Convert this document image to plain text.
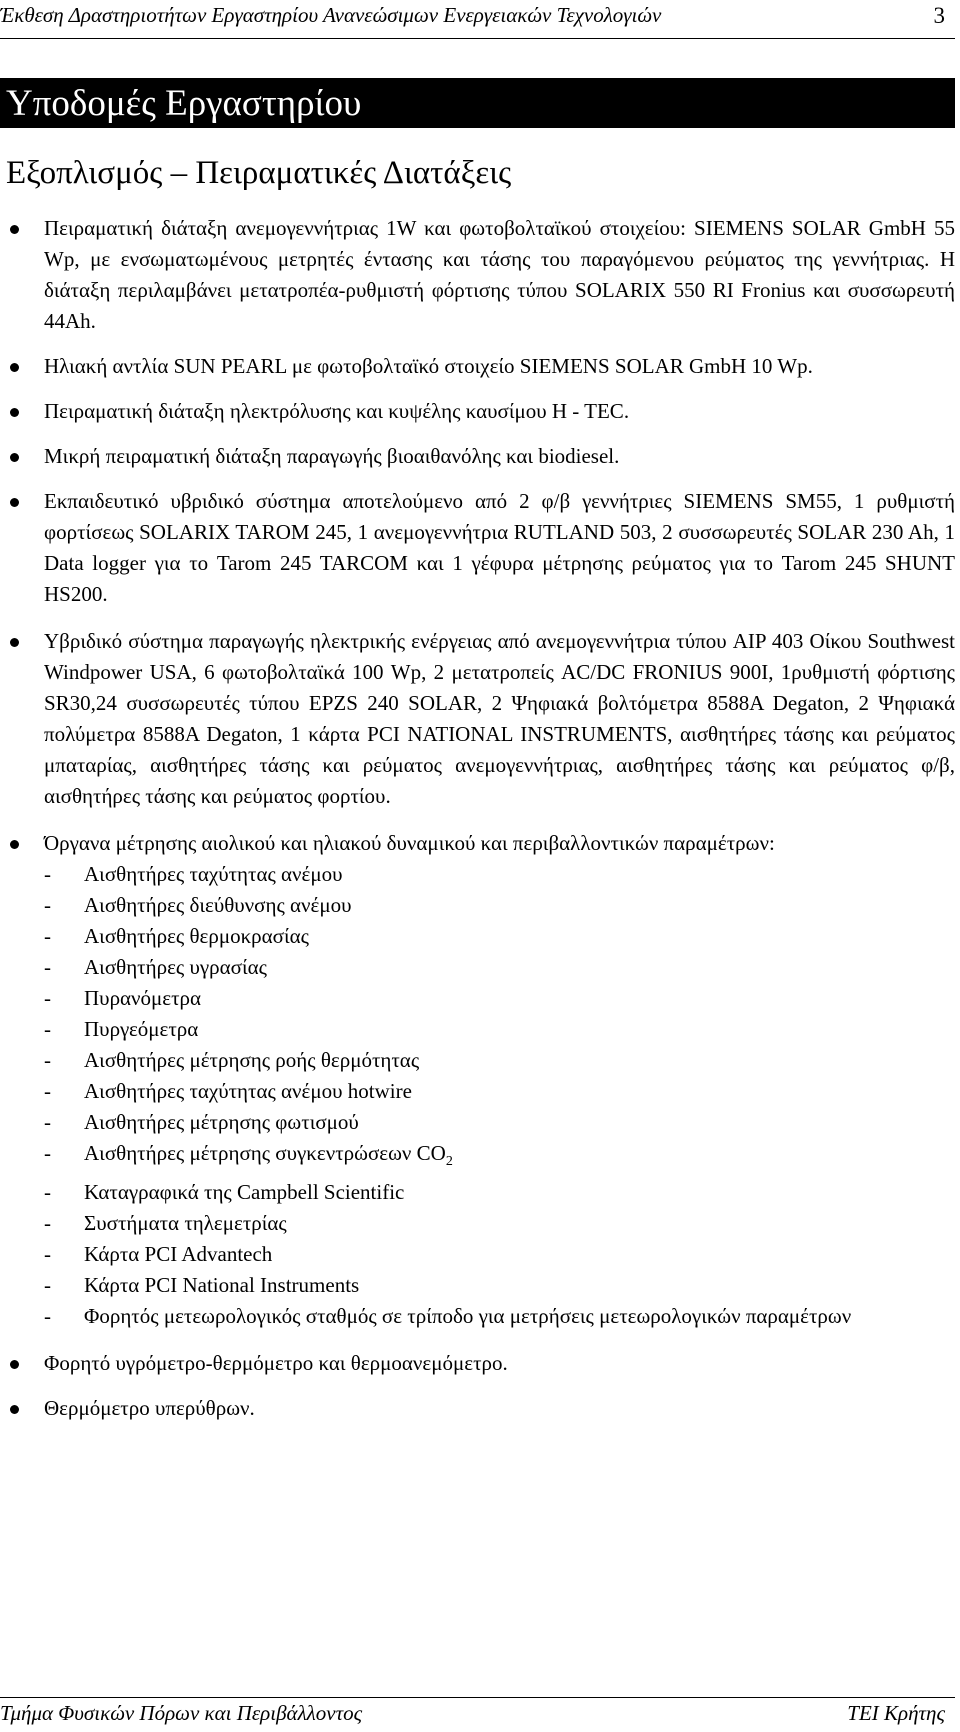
Έκθεση Δραστηριοτήτων Εργαστηρίου Ανανεώσιμων Ενεργειακών Τεχνολογιών	3
Υποδομές Εργαστηρίου
Εξοπλισμός – Πειραματικές Διατάξεις
Πειραματική διάταξη ανεμογεννήτριας 1W και φωτοβολταϊκού στοιχείου: SIEMENS SOLAR GmbH 55 Wp, με ενσωματωμένους μετρητές έντασης και τάσης του παραγόμενου ρεύματος της γεννήτριας. Η διάταξη περιλαμβάνει μετατροπέα-ρυθμιστή φόρτισης τύπου SOLARIX 550 RI Fronius και συσσωρευτή 44Ah.
Ηλιακή αντλία SUN PEARL με φωτοβολταϊκό στοιχείο SIEMENS SOLAR GmbH 10 Wp.
Πειραματική διάταξη ηλεκτρόλυσης και κυψέλης καυσίμου H - TEC.
Μικρή πειραματική διάταξη παραγωγής βιοαιθανόλης και biodiesel.
Εκπαιδευτικό υβριδικό σύστημα αποτελούμενο από 2 φ/β γεννήτριες SIEMENS SM55, 1 ρυθμιστή φορτίσεως SOLARIX TAROM 245, 1 ανεμογεννήτρια RUTLAND 503, 2 συσσωρευτές SOLAR 230 Ah, 1 Data logger για το Tarom 245 TARCOM και 1 γέφυρα μέτρησης ρεύματος για το Tarom 245 SHUNT HS200.
Υβριδικό σύστημα παραγωγής ηλεκτρικής ενέργειας από ανεμογεννήτρια τύπου AIP 403 Οίκου Southwest Windpower USA, 6 φωτοβολταϊκά 100 Wp, 2 μετατροπείς AC/DC FRONIUS 900I, 1ρυθμιστή φόρτισης SR30,24 συσσωρευτές τύπου EPZS 240 SOLAR, 2 Ψηφιακά βολτόμετρα 8588A Degaton, 2 Ψηφιακά πολύμετρα 8588A Degaton, 1 κάρτα PCI NATIONAL INSTRUMENTS, αισθητήρες τάσης και ρεύματος μπαταρίας, αισθητήρες τάσης και ρεύματος ανεμογεννήτριας, αισθητήρες τάσης και ρεύματος φ/β, αισθητήρες τάσης και ρεύματος φορτίου.
Όργανα μέτρησης αιολικού και ηλιακού δυναμικού και περιβαλλοντικών παραμέτρων:
- Αισθητήρες ταχύτητας ανέμου
- Αισθητήρες διεύθυνσης ανέμου
- Αισθητήρες θερμοκρασίας
- Αισθητήρες υγρασίας
- Πυρανόμετρα
- Πυργεόμετρα
- Αισθητήρες μέτρησης ροής θερμότητας
- Αισθητήρες ταχύτητας ανέμου hotwire
- Αισθητήρες μέτρησης φωτισμού
- Αισθητήρες μέτρησης συγκεντρώσεων $CO_2$
- Καταγραφικά της Campbell Scientific
- Συστήματα τηλεμετρίας
- Κάρτα PCI Advantech
- Κάρτα PCI National Instruments
- Φορητός μετεωρολογικός σταθμός σε τρίποδο για μετρήσεις μετεωρολογικών παραμέτρων
Φορητό υγρόμετρο-θερμόμετρο και θερμοανεμόμετρο.
Θερμόμετρο υπερύθρων.
Τμήμα Φυσικών Πόρων και Περιβάλλοντος	ΤΕΙ Κρήτης
